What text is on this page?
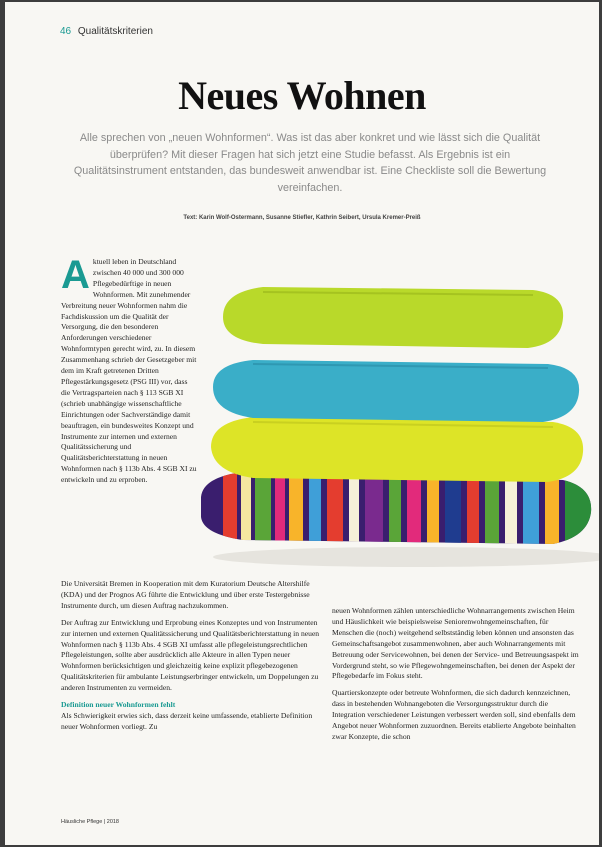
46 Qualitätskriterien
Neues Wohnen
Alle sprechen von „neuen Wohnformen“. Was ist das aber konkret und wie lässt sich die Qualität überprüfen? Mit dieser Fragen hat sich jetzt eine Studie befasst. Als Ergebnis ist ein Qualitätsinstrument entstanden, das bundesweit anwendbar ist. Eine Checkliste soll die Bewertung vereinfachen.
Text: Karin Wolf-Ostermann, Susanne Stiefler, Kathrin Seibert, Ursula Kremer-Preiß
A ktuell leben in Deutschland zwischen 40 000 und 300 000 Pflegebedürftige in neuen Wohnformen. Mit zunehmender Verbreitung neuer Wohnformen nahm die Fachdiskussion um die Qualität der Versorgung, die den besonderen Anforderungen verschiedener Wohnformtypen gerecht wird, zu. In diesem Zusammenhang schrieb der Gesetzgeber mit dem im Kraft getretenen Dritten Pflegestärkungsgesetz (PSG III) vor, dass die Vertragsparteien nach § 113 SGB XI (schrieb unabhängige wissenschaftliche Einrichtungen oder Sachverständige damit beauftragen, ein bundesweites Konzept und Instrumente zur internen und externen Qualitätssicherung und Qualitätsberichterstattung in neuen Wohnformen nach § 113b Abs. 4 SGB XI zu entwickeln und zu erproben.

Die Universität Bremen in Kooperation mit dem Kuratorium Deutsche Altershilfe (KDA) und der Prognos AG führte die Entwicklung und über erste Testergebnisse Instrumente durch, um diesen Auftrag nachzukommen.

Der Auftrag zur Entwicklung und Erprobung eines Konzeptes und von Instrumenten zur internen und externen Qualitätssicherung und Qualitätsberichterstattung in neuen Wohnformen nach § 113b Abs. 4 SGB XI umfasst alle pflegeleistungsrechtlichen Pflegeleistungen, sollte aber ausdrücklich alle Akteure in allen Typen neuer Wohnformen berücksichtigen und gleichzeitig keine explizit pflegebezogenen Qualitätskriterien für ambulante Leistungserbringer entwickeln, um Doppelungen zu anderen Instrumenten zu vermeiden.

Definition neuer Wohnformen fehlt

Als Schwierigkeit erwies sich, dass derzeit keine umfassende, etablierte Definition neuer Wohnformen vorliegt. Zu

neuen Wohnformen zählen unterschiedliche Wohnarrangements zwischen Heim und Häuslichkeit wie beispielsweise Seniorenwohngemeinschaften, für Menschen die (noch) weitgehend selbstständig leben können und ansonsten das Gemeinschaftsangebot zusammenwohnen, aber auch Wohnarrangements mit Betreuung oder Servicewohnen, bei denen der Service- und Betreuungsaspekt im Vordergrund steht, so wie Pflegewohngemeinschaften, bei denen der Aspekt der Pflegebedarfe im Fokus steht.

Quartierskonzepte oder betreute Wohnformen, die sich dadurch kennzeichnen, dass in bestehenden Wohnangeboten die Versorgungsstruktur durch die Integration verschiedener Leistungen verbessert werden soll, sind ebenfalls dem Angebot neuer Wohnformen zuzuordnen. Bereits etablierte Angebote beinhalten zwar Konzepte, die schon

Häusliche Pflege | 2018
